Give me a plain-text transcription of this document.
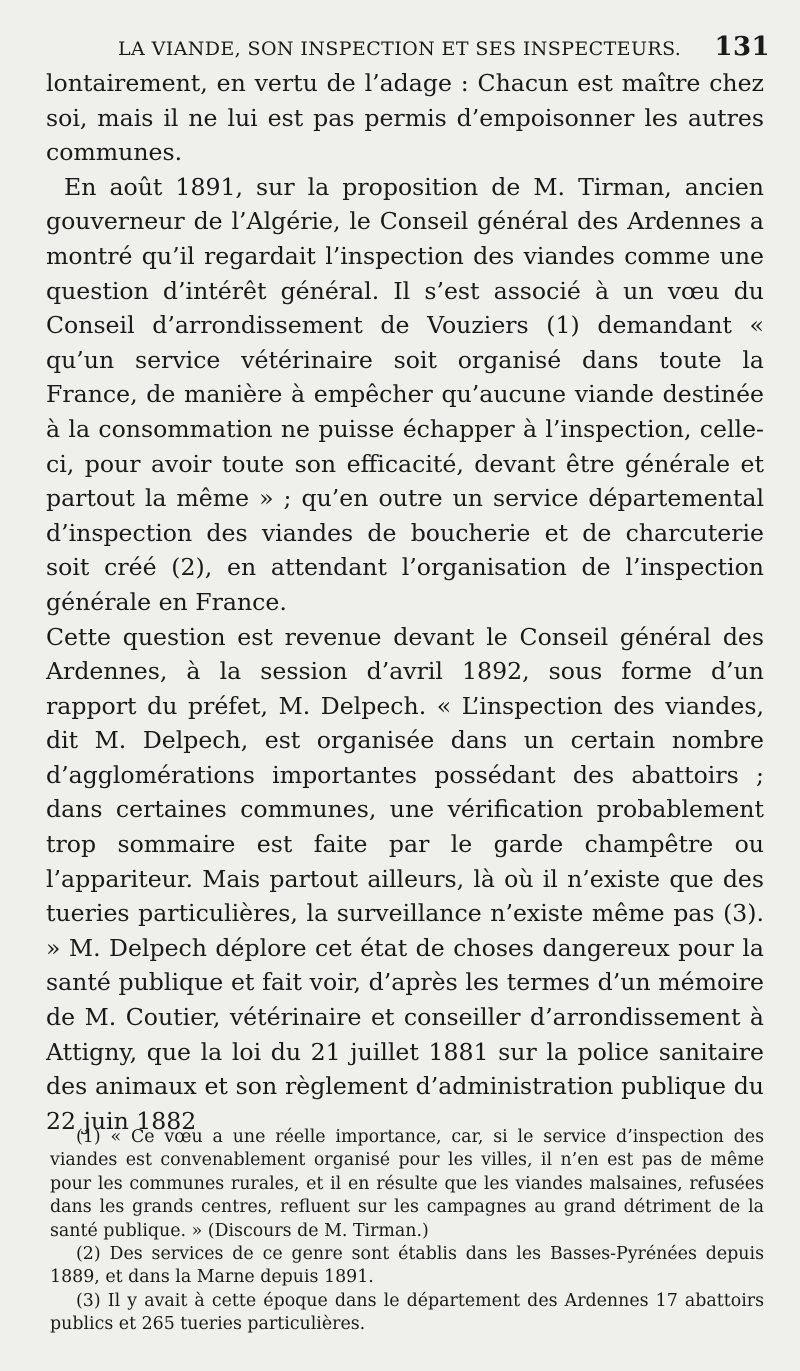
LA VIANDE, SON INSPECTION ET SES INSPECTEURS. 131

lontairement, en vertu de l’adage : Chacun est maître chez soi, mais il ne lui est pas permis d’empoisonner les autres communes.

En août 1891, sur la proposition de M. Tirman, ancien gouverneur de l’Algérie, le Conseil général des Ardennes a montré qu’il regardait l’inspection des viandes comme une question d’intérêt général. Il s’est associé à un vœu du Conseil d’arrondissement de Vouziers (1) demandant « qu’un service vétérinaire soit organisé dans toute la France, de manière à empêcher qu’aucune viande destinée à la consommation ne puisse échapper à l’inspection, celle-ci, pour avoir toute son efficacité, devant être générale et partout la même » ; qu’en outre un service départemental d’inspection des viandes de boucherie et de charcuterie soit créé (2), en attendant l’organisation de l’inspection générale en France.

Cette question est revenue devant le Conseil général des Ardennes, à la session d’avril 1892, sous forme d’un rapport du préfet, M. Delpech. « L’inspection des viandes, dit M. Delpech, est organisée dans un certain nombre d’agglomérations importantes possédant des abattoirs ; dans certaines communes, une vérification probablement trop sommaire est faite par le garde champêtre ou l’appariteur. Mais partout ailleurs, là où il n’existe que des tueries particulières, la surveillance n’existe même pas (3). » M. Delpech déplore cet état de choses dangereux pour la santé publique et fait voir, d’après les termes d’un mémoire de M. Coutier, vétérinaire et conseiller d’arrondissement à Attigny, que la loi du 21 juillet 1881 sur la police sanitaire des animaux et son règlement d’administration publique du 22 juin 1882

(1) « Ce vœu a une réelle importance, car, si le service d’inspection des viandes est convenablement organisé pour les villes, il n’en est pas de même pour les communes rurales, et il en résulte que les viandes malsaines, refusées dans les grands centres, refluent sur les campagnes au grand détriment de la santé publique. » (Discours de M. Tirman.)

(2) Des services de ce genre sont établis dans les Basses-Pyrénées depuis 1889, et dans la Marne depuis 1891.

(3) Il y avait à cette époque dans le département des Ardennes 17 abattoirs publics et 265 tueries particulières.
